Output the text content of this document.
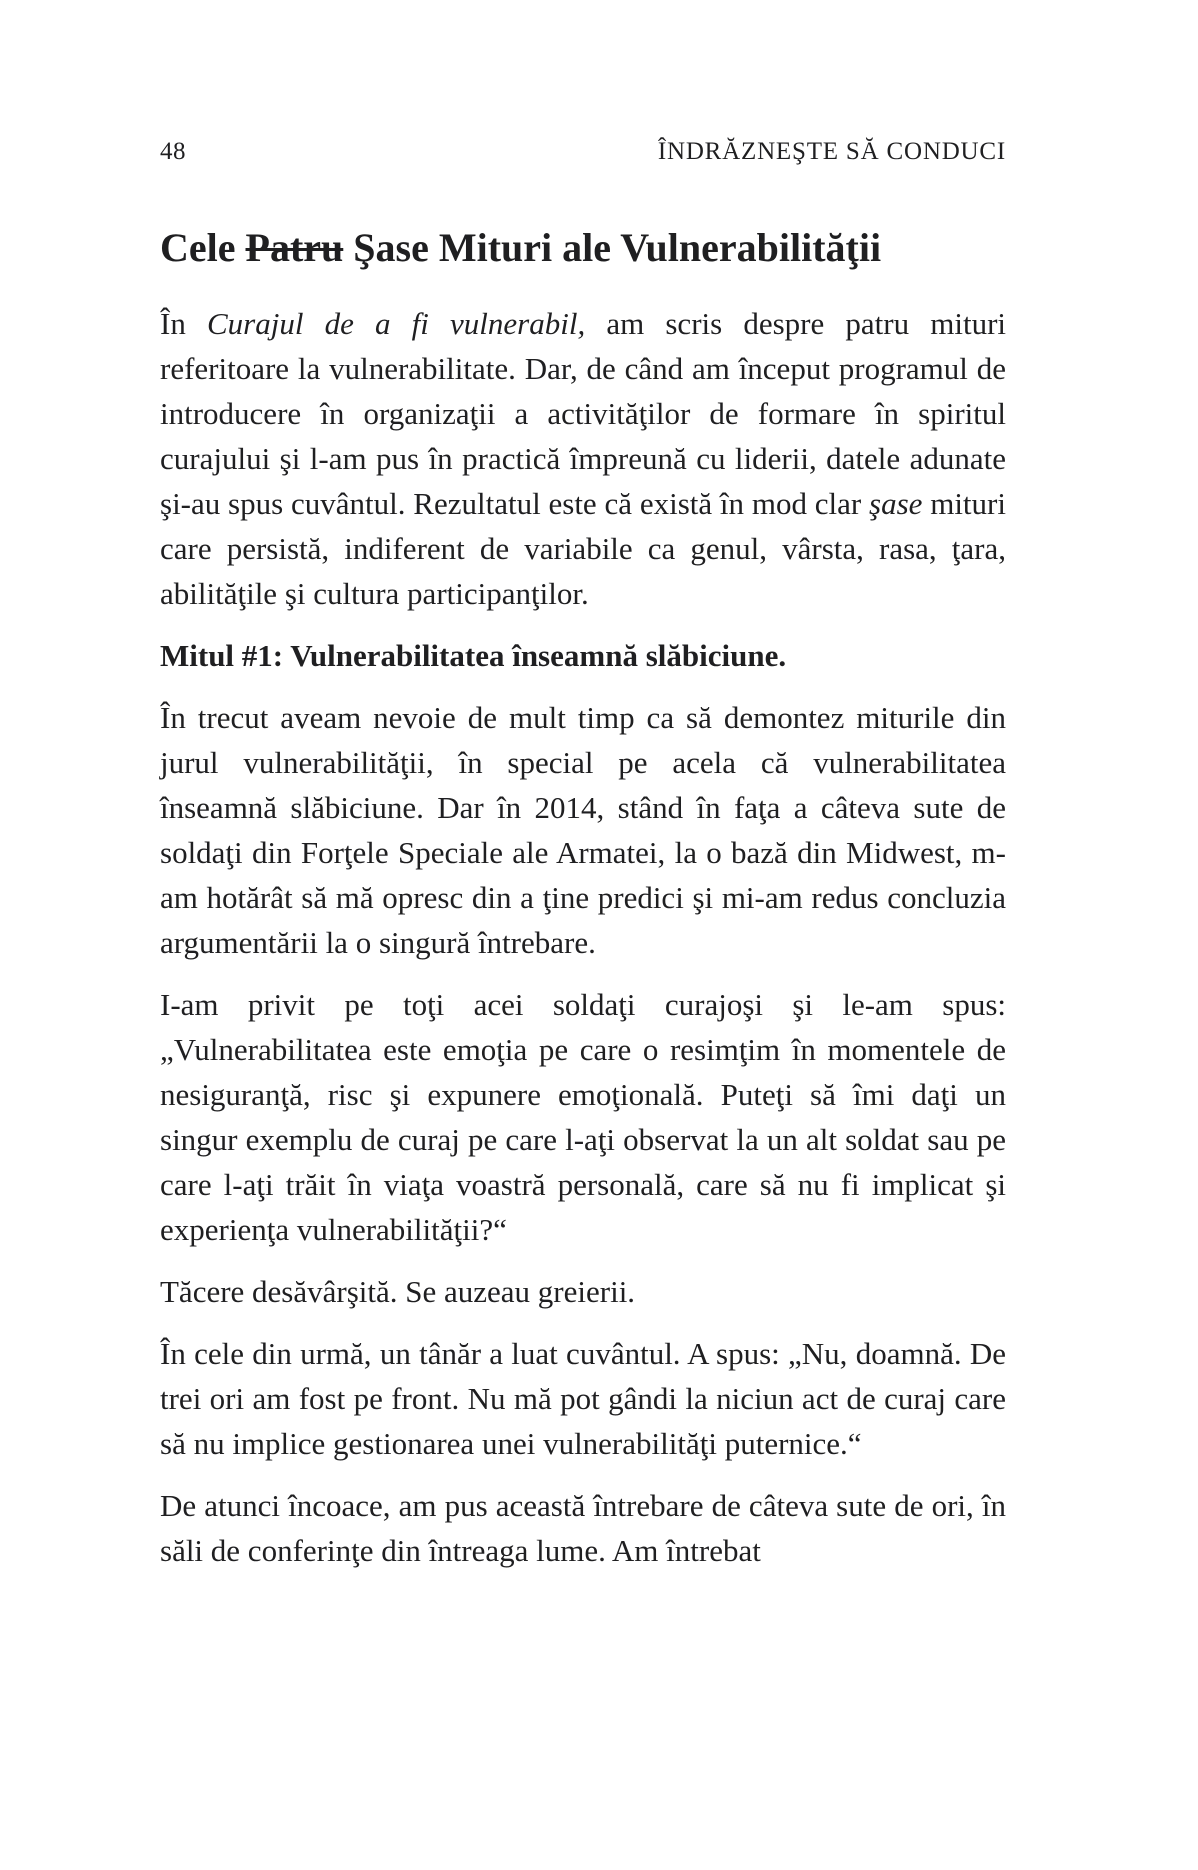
48	ÎNDRĂZNEŞTE SĂ CONDUCI
Cele Patru Şase Mituri ale Vulnerabilităţii

În Curajul de a fi vulnerabil, am scris despre patru mituri referitoare la vulnerabilitate. Dar, de când am început programul de introducere în organizaţii a activităţilor de formare în spiritul curajului şi l-am pus în practică împreună cu liderii, datele adunate şi-au spus cuvântul. Rezultatul este că există în mod clar şase mituri care persistă, indiferent de variabile ca genul, vârsta, rasa, ţara, abilităţile şi cultura participanţilor.

Mitul #1: Vulnerabilitatea înseamnă slăbiciune.

În trecut aveam nevoie de mult timp ca să demontez miturile din jurul vulnerabilităţii, în special pe acela că vulnerabilitatea înseamnă slăbiciune. Dar în 2014, stând în faţa a câteva sute de soldaţi din Forţele Speciale ale Armatei, la o bază din Midwest, m-am hotărât să mă opresc din a ţine predici şi mi-am redus concluzia argumentării la o singură întrebare.

I-am privit pe toţi acei soldaţi curajoşi şi le-am spus: „Vulnerabilitatea este emoţia pe care o resimţim în momentele de nesiguranţă, risc şi expunere emoţională. Puteţi să îmi daţi un singur exemplu de curaj pe care l-aţi observat la un alt soldat sau pe care l-aţi trăit în viaţa voastră personală, care să nu fi implicat şi experienţa vulnerabilităţii?“

Tăcere desăvârşită. Se auzeau greierii.

În cele din urmă, un tânăr a luat cuvântul. A spus: „Nu, doamnă. De trei ori am fost pe front. Nu mă pot gândi la niciun act de curaj care să nu implice gestionarea unei vulnerabilităţi puternice.“

De atunci încoace, am pus această întrebare de câteva sute de ori, în săli de conferinţe din întreaga lume. Am întrebat
